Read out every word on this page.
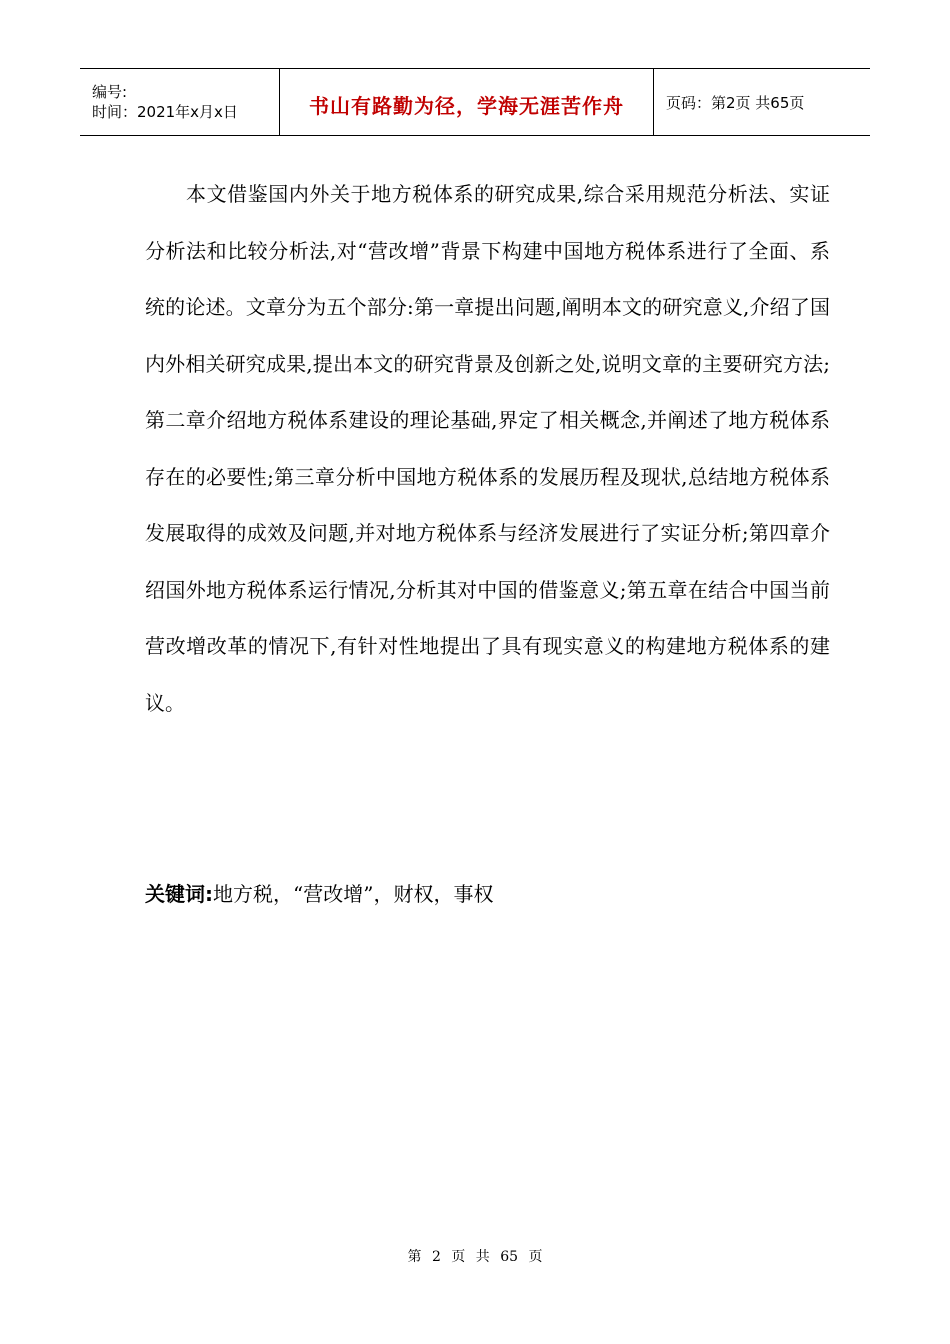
编号:
时间：2021年x月x日	书山有路勤为径，学海无涯苦作舟	页码：第2页 共65页

本文借鉴国内外关于地方税体系的研究成果,综合采用规范分析法、实证分析法和比较分析法,对“营改增”背景下构建中国地方税体系进行了全面、系统的论述。文章分为五个部分:第一章提出问题,阐明本文的研究意义,介绍了国内外相关研究成果,提出本文的研究背景及创新之处,说明文章的主要研究方法;第二章介绍地方税体系建设的理论基础,界定了相关概念,并阐述了地方税体系存在的必要性;第三章分析中国地方税体系的发展历程及现状,总结地方税体系发展取得的成效及问题,并对地方税体系与经济发展进行了实证分析;第四章介绍国外地方税体系运行情况,分析其对中国的借鉴意义;第五章在结合中国当前营改增改革的情况下,有针对性地提出了具有现实意义的构建地方税体系的建议。

关键词:地方税，“营改增”，财权，事权

第 2 页 共 65 页
